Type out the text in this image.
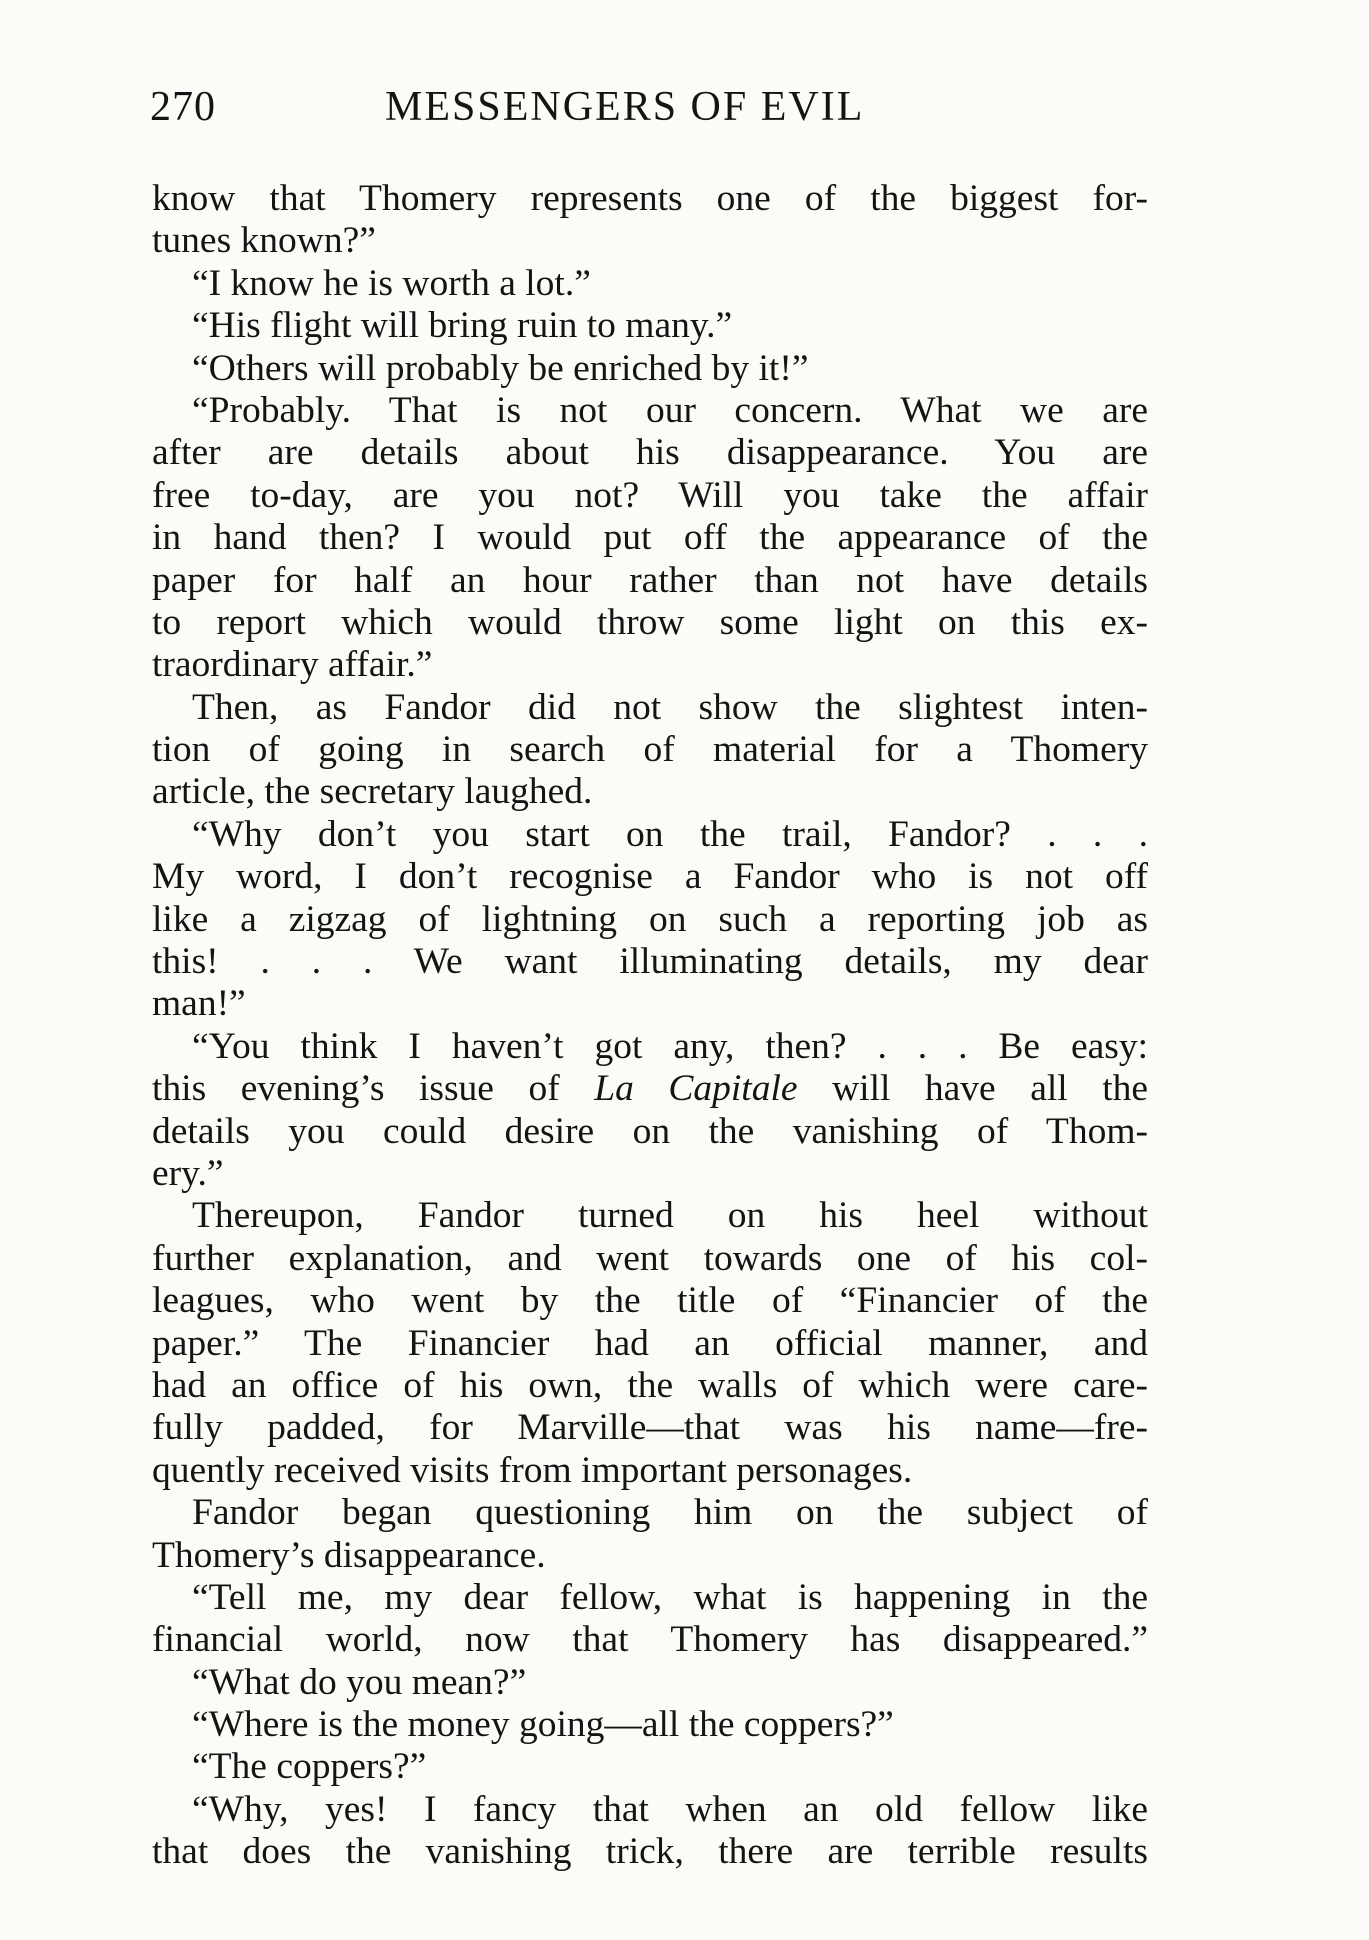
270	MESSENGERS OF EVIL
know that Thomery represents one of the biggest for-
tunes known?”
“I know he is worth a lot.”
“His flight will bring ruin to many.”
“Others will probably be enriched by it!”
“Probably. That is not our concern. What we are
after are details about his disappearance. You are
free to-day, are you not? Will you take the affair
in hand then? I would put off the appearance of the
paper for half an hour rather than not have details
to report which would throw some light on this ex-
traordinary affair.”
Then, as Fandor did not show the slightest inten-
tion of going in search of material for a Thomery
article, the secretary laughed.
“Why don’t you start on the trail, Fandor? . . .
My word, I don’t recognise a Fandor who is not off
like a zigzag of lightning on such a reporting job as
this! . . . We want illuminating details, my dear
man!”
“You think I haven’t got any, then? . . . Be easy:
this evening’s issue of La Capitale will have all the
details you could desire on the vanishing of Thom-
ery.”
Thereupon, Fandor turned on his heel without
further explanation, and went towards one of his col-
leagues, who went by the title of “Financier of the
paper.” The Financier had an official manner, and
had an office of his own, the walls of which were care-
fully padded, for Marville—that was his name—fre-
quently received visits from important personages.
Fandor began questioning him on the subject of
Thomery’s disappearance.
“Tell me, my dear fellow, what is happening in the
financial world, now that Thomery has disappeared.”
“What do you mean?”
“Where is the money going—all the coppers?”
“The coppers?”
“Why, yes! I fancy that when an old fellow like
that does the vanishing trick, there are terrible results
